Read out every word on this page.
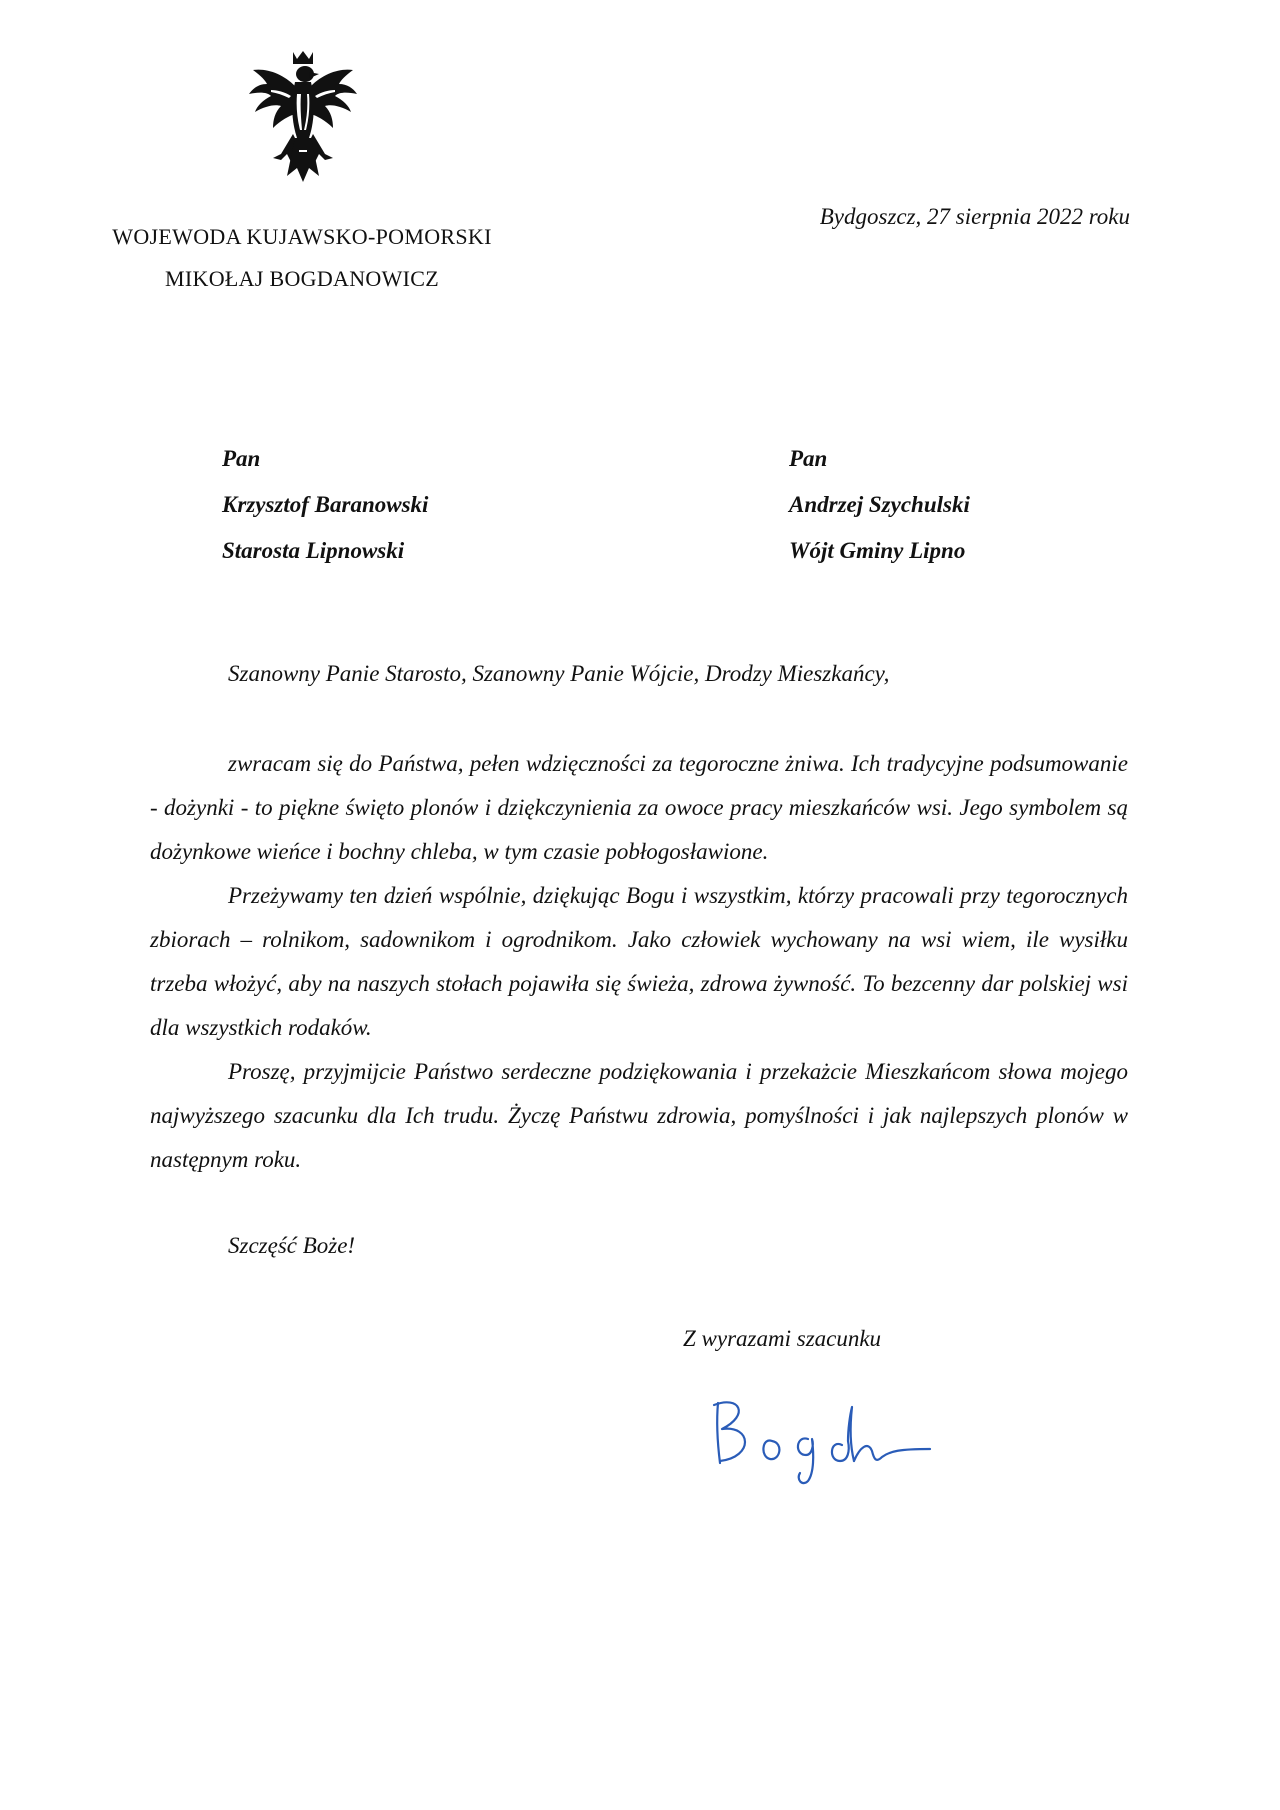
WOJEWODA KUJAWSKO-POMORSKI
MIKOŁAJ BOGDANOWICZ
Bydgoszcz, 27 sierpnia 2022 roku
Pan
Krzysztof Baranowski
Starosta Lipnowski
Pan
Andrzej Szychulski
Wójt Gminy Lipno
Szanowny Panie Starosto, Szanowny Panie Wójcie, Drodzy Mieszkańcy,

zwracam się do Państwa, pełen wdzięczności za tegoroczne żniwa. Ich tradycyjne podsumowanie - dożynki - to piękne święto plonów i dziękczynienia za owoce pracy mieszkańców wsi. Jego symbolem są dożynkowe wieńce i bochny chleba, w tym czasie pobłogosławione.

Przeżywamy ten dzień wspólnie, dziękując Bogu i wszystkim, którzy pracowali przy tegorocznych zbiorach – rolnikom, sadownikom i ogrodnikom. Jako człowiek wychowany na wsi wiem, ile wysiłku trzeba włożyć, aby na naszych stołach pojawiła się świeża, zdrowa żywność. To bezcenny dar polskiej wsi dla wszystkich rodaków.

Proszę, przyjmijcie Państwo serdeczne podziękowania i przekażcie Mieszkańcom słowa mojego najwyższego szacunku dla Ich trudu. Życzę Państwu zdrowia, pomyślności i jak najlepszych plonów w następnym roku.

Szczęść Boże!
Z wyrazami szacunku
